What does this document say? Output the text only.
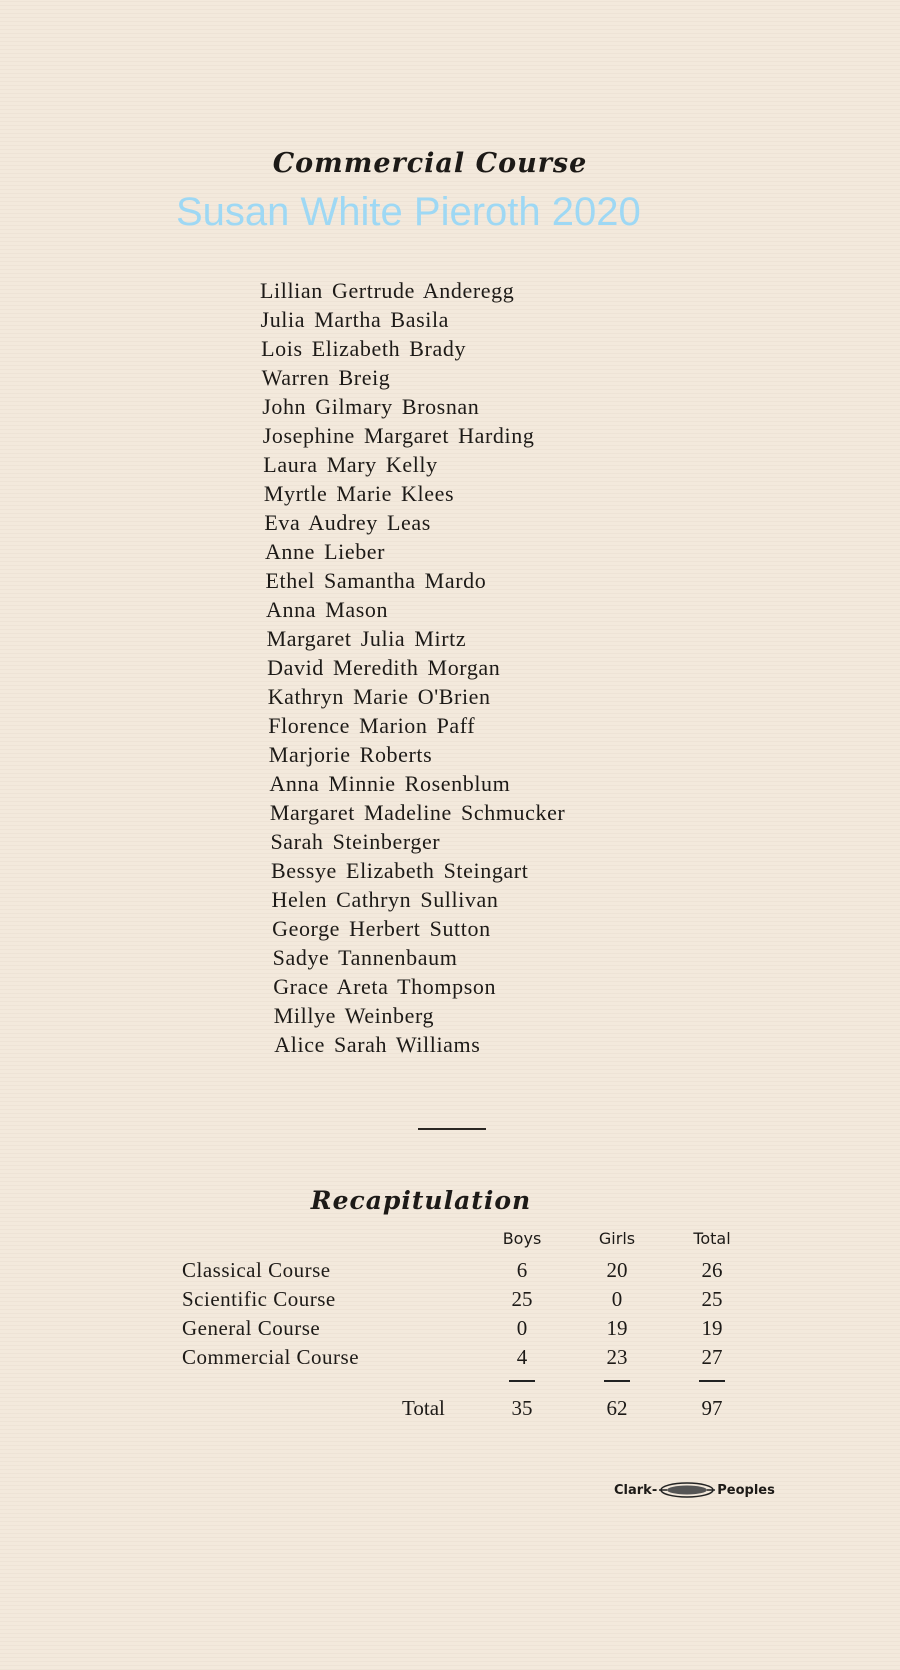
Commercial Course
Susan White Pieroth 2020
Lillian Gertrude Anderegg
Julia Martha Basila
Lois Elizabeth Brady
Warren Breig
John Gilmary Brosnan
Josephine Margaret Harding
Laura Mary Kelly
Myrtle Marie Klees
Eva Audrey Leas
Anne Lieber
Ethel Samantha Mardo
Anna Mason
Margaret Julia Mirtz
David Meredith Morgan
Kathryn Marie O'Brien
Florence Marion Paff
Marjorie Roberts
Anna Minnie Rosenblum
Margaret Madeline Schmucker
Sarah Steinberger
Bessye Elizabeth Steingart
Helen Cathryn Sullivan
George Herbert Sutton
Sadye Tannenbaum
Grace Areta Thompson
Millye Weinberg
Alice Sarah Williams
Recapitulation
Boys	Girls	Total
Classical Course	6	20	26
Scientific Course	25	0	25
General Course	0	19	19
Commercial Course	4	23	27
Total	35	62	97
Clark-	Peoples
